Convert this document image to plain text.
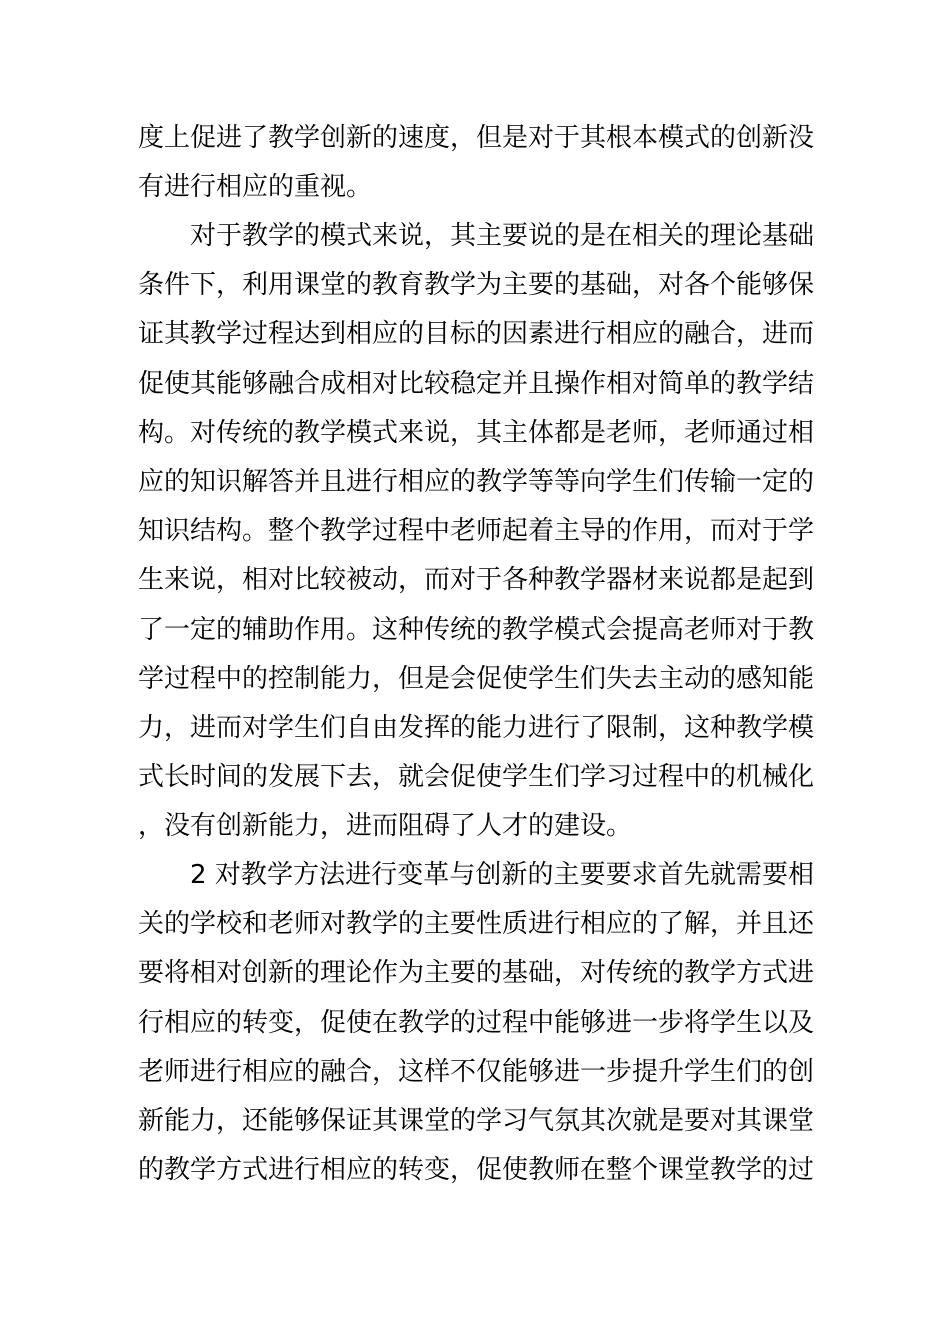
度上促进了教学创新的速度，但是对于其根本模式的创新没有进行相应的重视。

对于教学的模式来说，其主要说的是在相关的理论基础条件下，利用课堂的教育教学为主要的基础，对各个能够保证其教学过程达到相应的目标的因素进行相应的融合，进而促使其能够融合成相对比较稳定并且操作相对简单的教学结构。对传统的教学模式来说，其主体都是老师，老师通过相应的知识解答并且进行相应的教学等等向学生们传输一定的知识结构。整个教学过程中老师起着主导的作用，而对于学生来说，相对比较被动，而对于各种教学器材来说都是起到了一定的辅助作用。这种传统的教学模式会提高老师对于教学过程中的控制能力，但是会促使学生们失去主动的感知能力，进而对学生们自由发挥的能力进行了限制，这种教学模式长时间的发展下去，就会促使学生们学习过程中的机械化，没有创新能力，进而阻碍了人才的建设。

2 对教学方法进行变革与创新的主要要求首先就需要相关的学校和老师对教学的主要性质进行相应的了解，并且还要将相对创新的理论作为主要的基础，对传统的教学方式进行相应的转变，促使在教学的过程中能够进一步将学生以及老师进行相应的融合，这样不仅能够进一步提升学生们的创新能力，还能够保证其课堂的学习气氛其次就是要对其课堂的教学方式进行相应的转变，促使教师在整个课堂教学的过
